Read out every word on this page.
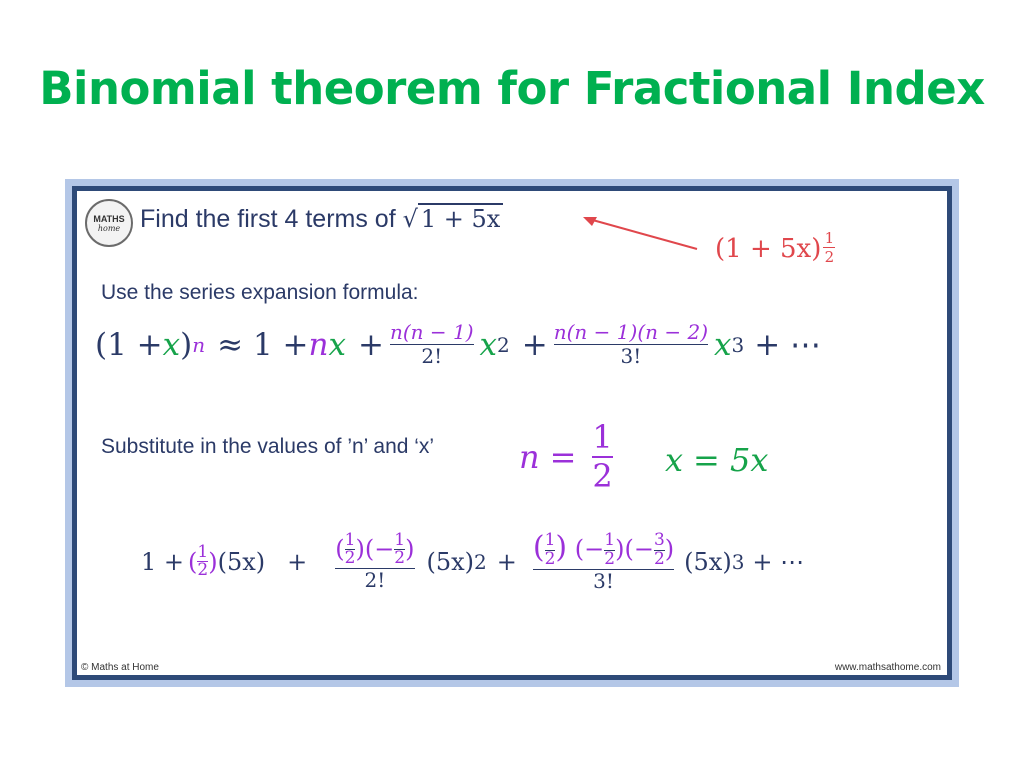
Binomial theorem for Fractional Index
MATHS
home Find the first 4 terms of √ 1 + 5x
$(1 + 5x) \frac{1}{2}$
Use the series expansion formula:
(1 + x ) n ≈ 1 + n $x + \frac{n(n - 1)}{2!}$ x $2 + \frac{n(n - 1)(n - 2)}{3!}$ x 3 + ⋯
Substitute in the values of ’n’ and ‘x’	$n = \frac{1}{2}$ x = 5x
1 + ( $\frac{1}{2}$ ) $(5x) + \frac{( \frac{1}{2} )(- \frac{1}{2} )}{2!} (5x) 2 + \frac{( \frac{1}{2} ) (- \frac{1}{2} )(- \frac{3}{2} )}{3!} (5x) 3$ + ⋯
© Maths at Home	www.mathsathome.com
